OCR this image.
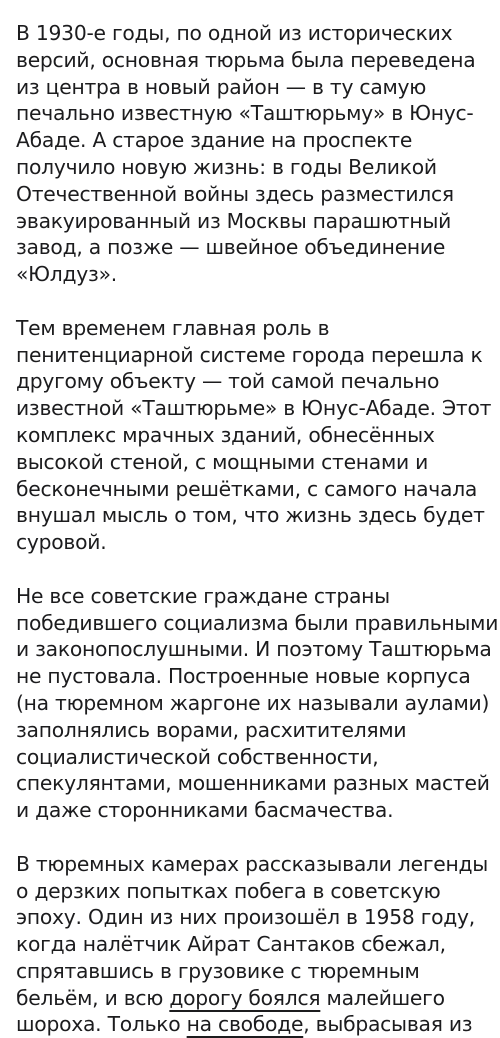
В 1930-е годы, по одной из исторических
версий, основная тюрьма была переведена
из центра в новый район — в ту самую
печально известную «Таштюрьму» в Юнус-
Абаде. А старое здание на проспекте
получило новую жизнь: в годы Великой
Отечественной войны здесь разместился
эвакуированный из Москвы парашютный
завод, а позже — швейное объединение
«Юлдуз».
Тем временем главная роль в
пенитенциарной системе города перешла к
другому объекту — той самой печально
известной «Таштюрьме» в Юнус-Абаде. Этот
комплекс мрачных зданий, обнесённых
высокой стеной, с мощными стенами и
бесконечными решётками, с самого начала
внушал мысль о том, что жизнь здесь будет
суровой.
Не все советские граждане страны
победившего социализма были правильными
и законопослушными. И поэтому Таштюрьма
не пустовала. Построенные новые корпуса
(на тюремном жаргоне их называли аулами)
заполнялись ворами, расхитителями
социалистической собственности,
спекулянтами, мошенниками разных мастей
и даже сторонниками басмачества.
В тюремных камерах рассказывали легенды
о дерзких попытках побега в советскую
эпоху. Один из них произошёл в 1958 году,
когда налётчик Айрат Сантаков сбежал,
спрятавшись в грузовике с тюремным
бельём, и всю дорогу боялся малейшего
шороха. Только на свободе, выбрасывая из
